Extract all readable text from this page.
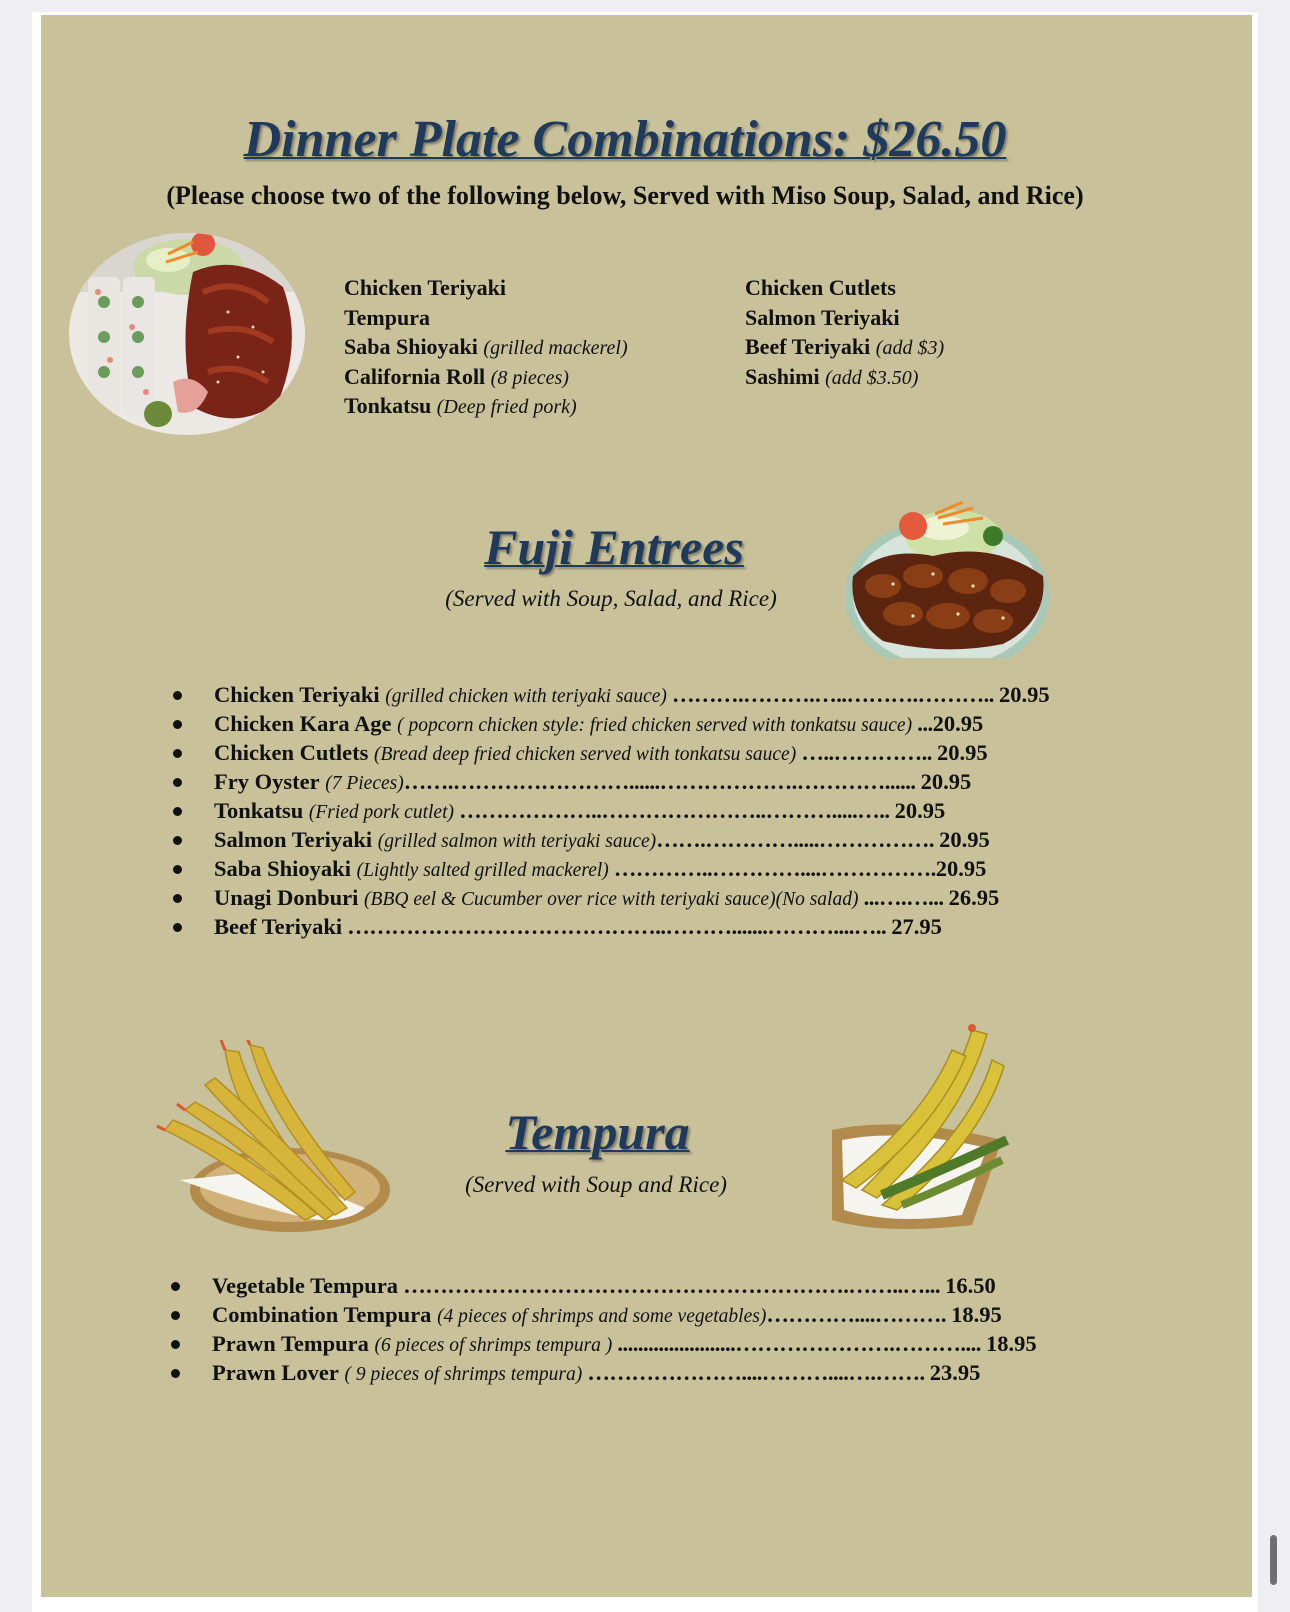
Dinner Plate Combinations: $26.50
(Please choose two of the following below, Served with Miso Soup, Salad, and Rice)
Chicken Teriyaki
Tempura
Saba Shioyaki (grilled mackerel)
California Roll (8 pieces)
Tonkatsu (Deep fried pork)
Chicken Cutlets
Salmon Teriyaki
Beef Teriyaki (add $3)
Sashimi (add $3.50)
Fuji Entrees
(Served with Soup, Salad, and Rice)
Chicken Teriyaki (grilled chicken with teriyaki sauce) ……….……….…..……….……….. 20.95
Chicken Kara Age ( popcorn chicken style: fried chicken served with tonkatsu sauce) ...20.95
Chicken Cutlets (Bread deep fried chicken served with tonkatsu sauce) …..………….. 20.95
Fry Oyster (7 Pieces)…….……………………......……………….…………...... 20.95
Tonkatsu (Fried pork cutlet) ………………..…………………..……….....….. 20.95
Salmon Teriyaki (grilled salmon with teriyaki sauce)…….………….....……………. 20.95
Saba Shioyaki (Lightly salted grilled mackerel) …………..…………....…………….20.95
Unagi Donburi (BBQ eel & Cucumber over rice with teriyaki sauce)(No salad) ...….…... 26.95
Beef Teriyaki ……………………………………..……….......………....….. 27.95
Tempura
(Served with Soup and Rice)
Vegetable Tempura …………………………………………………….……..…... 16.50
Combination Tempura (4 pieces of shrimps and some vegetables)…………....………. 18.95
Prawn Tempura (6 pieces of shrimps tempura ) .......................………………….……….... 18.95
Prawn Lover ( 9 pieces of shrimps tempura) …………………....………....….……. 23.95
